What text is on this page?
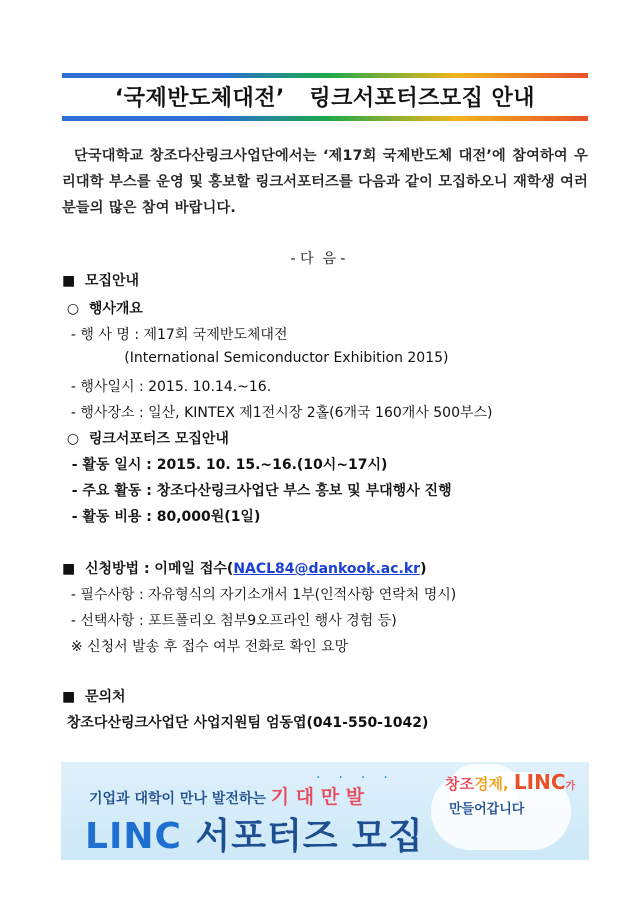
‘국제반도체대전’   링크서포터즈모집 안내

단국대학교 창조다산링크사업단에서는 ‘제17회 국제반도체 대전’에 참여하여 우리대학 부스를 운영 및 홍보할 링크서포터즈를 다음과 같이 모집하오니 재학생 여러분들의 많은 참여 바랍니다.

- 다  음 -
■  모집안내
○  행사개요
- 행 사 명 : 제17회 국제반도체대전
(International Semiconductor Exhibition 2015)
- 행사일시 : 2015. 10.14.~16.
- 행사장소 : 일산, KINTEX 제1전시장 2홀(6개국 160개사 500부스)
○  링크서포터즈 모집안내
- 활동 일시 : 2015. 10. 15.~16.(10시~17시)
- 주요 활동 : 창조다산링크사업단 부스 홍보 및 부대행사 진행
- 활동 비용 : 80,000원(1일)
■  신청방법 : 이메일 접수(NACL84@dankook.ac.kr)
- 필수사항 : 자유형식의 자기소개서 1부(인적사항 연락처 명시)
- 선택사항 : 포트폴리오 첨부9오프라인 행사 경험 등)
※ 신청서 발송 후 접수 여부 전화로 확인 요망
■  문의처
창조다산링크사업단 사업지원팀 엄동엽(041-550-1042)
····
기업과 대학이 만나 발전하는 기 대 만 발
LINC 서포터즈 모집
창조경제, LINC가
만들어갑니다
